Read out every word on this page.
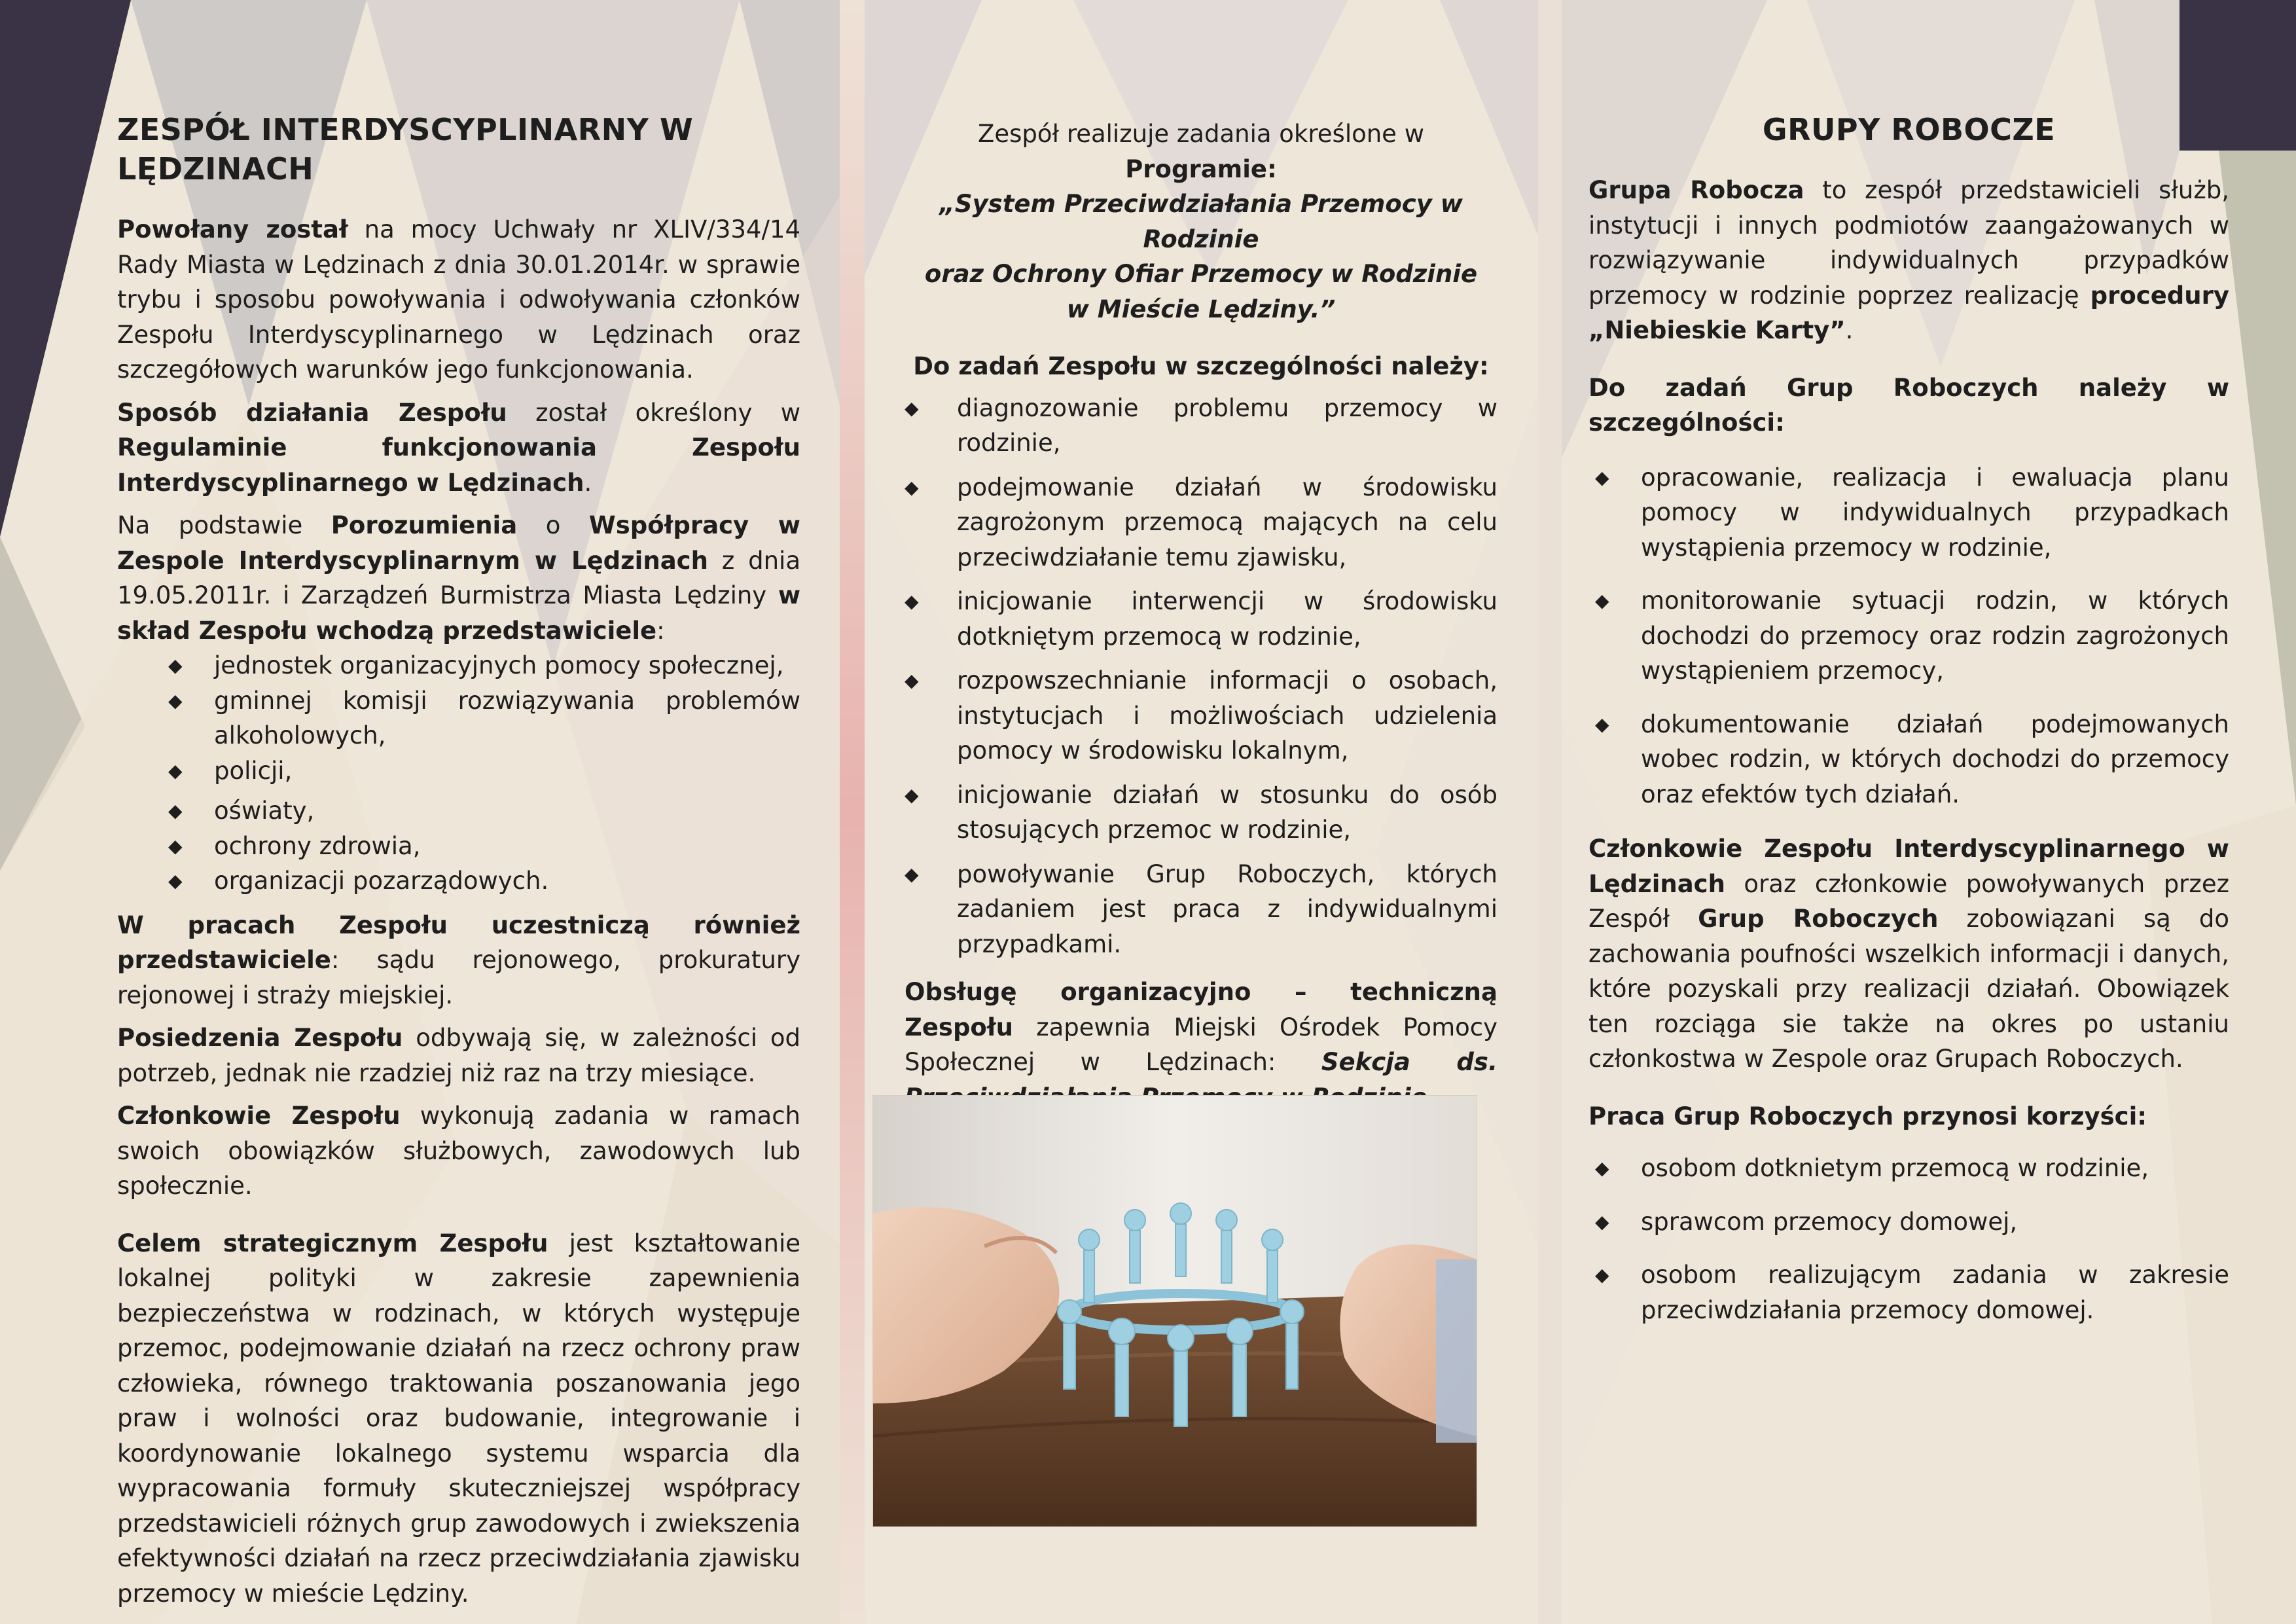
ZESPÓŁ INTERDYSCYPLINARNY W LĘDZINACH

Powołany został na mocy Uchwały nr XLIV/334/14 Rady Miasta w Lędzinach z dnia 30.01.2014r. w sprawie trybu i sposobu powoływania i odwoływania członków Zespołu Interdyscyplinarnego w Lędzinach oraz szczegółowych warunków jego funkcjonowania.

Sposób działania Zespołu został określony w Regulaminie funkcjonowania Zespołu Interdyscyplinarnego w Lędzinach.

Na podstawie Porozumienia o Współpracy w Zespole Interdyscyplinarnym w Lędzinach z dnia 19.05.2011r. i Zarządzeń Burmistrza Miasta Lędziny w skład Zespołu wchodzą przedstawiciele:

◆ jednostek organizacyjnych pomocy społecznej,
◆ gminnej komisji rozwiązywania problemów alkoholowych,
◆ policji,
◆ oświaty,
◆ ochrony zdrowia,
◆ organizacji pozarządowych.

W pracach Zespołu uczestniczą również przedstawiciele: sądu rejonowego, prokuratury rejonowej i straży miejskiej.

Posiedzenia Zespołu odbywają się, w zależności od potrzeb, jednak nie rzadziej niż raz na trzy miesiące.

Członkowie Zespołu wykonują zadania w ramach swoich obowiązków służbowych, zawodowych lub społecznie.

Celem strategicznym Zespołu jest kształtowanie lokalnej polityki w zakresie zapewnienia bezpieczeństwa w rodzinach, w których występuje przemoc, podejmowanie działań na rzecz ochrony praw człowieka, równego traktowania poszanowania jego praw i wolności oraz budowanie, integrowanie i koordynowanie lokalnego systemu wsparcia dla wypracowania formuły skuteczniejszej współpracy przedstawicieli różnych grup zawodowych i zwiekszenia efektywności działań na rzecz przeciwdziałania zjawisku przemocy w mieście Lędziny.

Zespół realizuje zadania określone w Programie:

„System Przeciwdziałania Przemocy w Rodzinie
oraz Ochrony Ofiar Przemocy w Rodzinie
w Mieście Lędziny.”

Do zadań Zespołu w szczególności należy:

◆ diagnozowanie problemu przemocy w rodzinie,
◆ podejmowanie działań w środowisku zagrożonym przemocą mających na celu przeciwdziałanie temu zjawisku,
◆ inicjowanie interwencji w środowisku dotkniętym przemocą w rodzinie,
◆ rozpowszechnianie informacji o osobach, instytucjach i możliwościach udzielenia pomocy w środowisku lokalnym,
◆ inicjowanie działań w stosunku do osób stosujących przemoc w rodzinie,
◆ powoływanie Grup Roboczych, których zadaniem jest praca z indywidualnymi przypadkami.

Obsługę organizacyjno – techniczną Zespołu zapewnia Miejski Ośrodek Pomocy Społecznej w Lędzinach: Sekcja ds.

GRUPY ROBOCZE

Grupa Robocza to zespół przedstawicieli służb, instytucji i innych podmiotów zaangażowanych w rozwiązywanie indywidualnych przypadków przemocy w rodzinie poprzez realizację procedury „Niebieskie Karty”.

Do zadań Grup Roboczych należy w szczególności:

◆ opracowanie, realizacja i ewaluacja planu pomocy w indywidualnych przypadkach wystąpienia przemocy w rodzinie,
◆ monitorowanie sytuacji rodzin, w których dochodzi do przemocy oraz rodzin zagrożonych wystąpieniem przemocy,
◆ dokumentowanie działań podejmowanych wobec rodzin, w których dochodzi do przemocy oraz efektów tych działań.

Członkowie Zespołu Interdyscyplinarnego w Lędzinach oraz członkowie powoływanych przez Zespół Grup Roboczych zobowiązani są do zachowania poufności wszelkich informacji i danych, które pozyskali przy realizacji działań. Obowiązek ten rozciąga sie także na okres po ustaniu członkostwa w Zespole oraz Grupach Roboczych.

Praca Grup Roboczych przynosi korzyści:

◆ osobom dotknietym przemocą w rodzinie,
◆ sprawcom przemocy domowej,
◆ osobom realizującym zadania w zakresie przeciwdziałania przemocy domowej.
